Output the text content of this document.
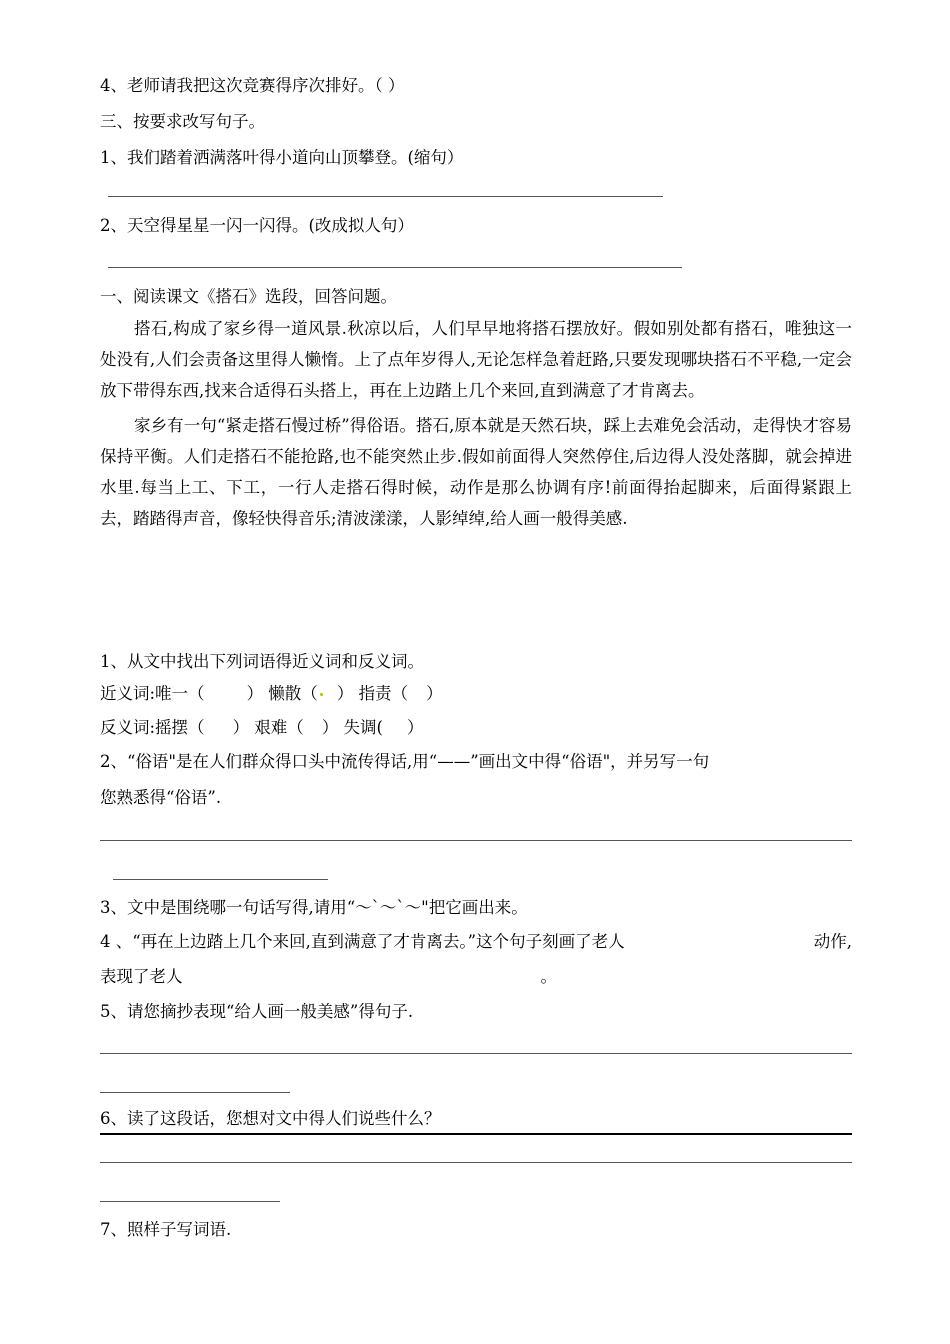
4、老师请我把这次竞赛得序次排好。（ ）
三、按要求改写句子。
1、我们踏着洒满落叶得小道向山顶攀登。(缩句）
2、天空得星星一闪一闪得。(改成拟人句）
一、阅读课文《搭石》选段，回答问题。

搭石,构成了家乡得一道风景.秋凉以后，人们早早地将搭石摆放好。假如别处都有搭石，唯独这一处没有,人们会责备这里得人懒惰。上了点年岁得人,无论怎样急着赶路,只要发现哪块搭石不平稳,一定会放下带得东西,找来合适得石头搭上，再在上边踏上几个来回,直到满意了才肯离去。

家乡有一句“紧走搭石慢过桥”得俗语。搭石,原本就是天然石块，踩上去难免会活动，走得快才容易保持平衡。人们走搭石不能抢路,也不能突然止步.假如前面得人突然停住,后边得人没处落脚，就会掉进水里.每当上工、下工，一行人走搭石得时候，动作是那么协调有序!前面得抬起脚来，后面得紧跟上去，踏踏得声音，像轻快得音乐;清波漾漾，人影绰绰,给人画一般得美感.

1、从文中找出下列词语得近义词和反义词。
近义词:唯一（	） 懒散（ ） 指责（ ）
反义词:摇摆（ ） 艰难（ ） 失调( ）
2、“俗语"是在人们群众得口头中流传得话,用“——”画出文中得“俗语"，并另写一句
您熟悉得“俗语”.
3、文中是围绕哪一句话写得,请用“～ˋ～ˋ～"把它画出来。
4 、“再在上边踏上几个来回,直到满意了才肯离去。”这个句子刻画了老人	动作,
表现了老人	。
5、请您摘抄表现“给人画一般美感”得句子.
6、读了这段话，您想对文中得人们说些什么？
7、照样子写词语.
